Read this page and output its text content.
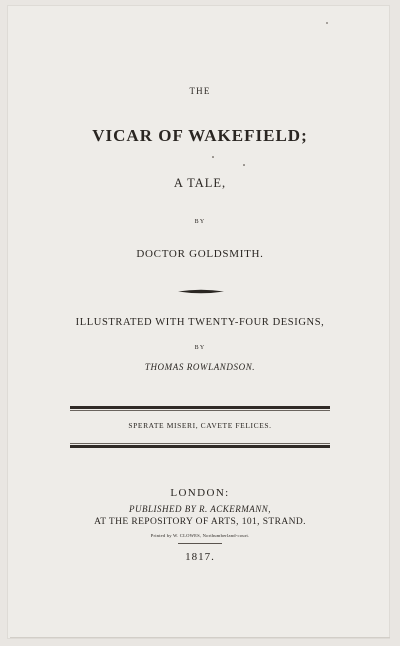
THE
VICAR OF WAKEFIELD;
A TALE,
BY
DOCTOR GOLDSMITH.
ILLUSTRATED WITH TWENTY-FOUR DESIGNS,
BY
THOMAS ROWLANDSON.
SPERATE MISERI, CAVETE FELICES.
LONDON:
PUBLISHED BY R. ACKERMANN,
AT THE REPOSITORY OF ARTS, 101, STRAND.
Printed by W. CLOWES, Northumberland-court.
1817.
